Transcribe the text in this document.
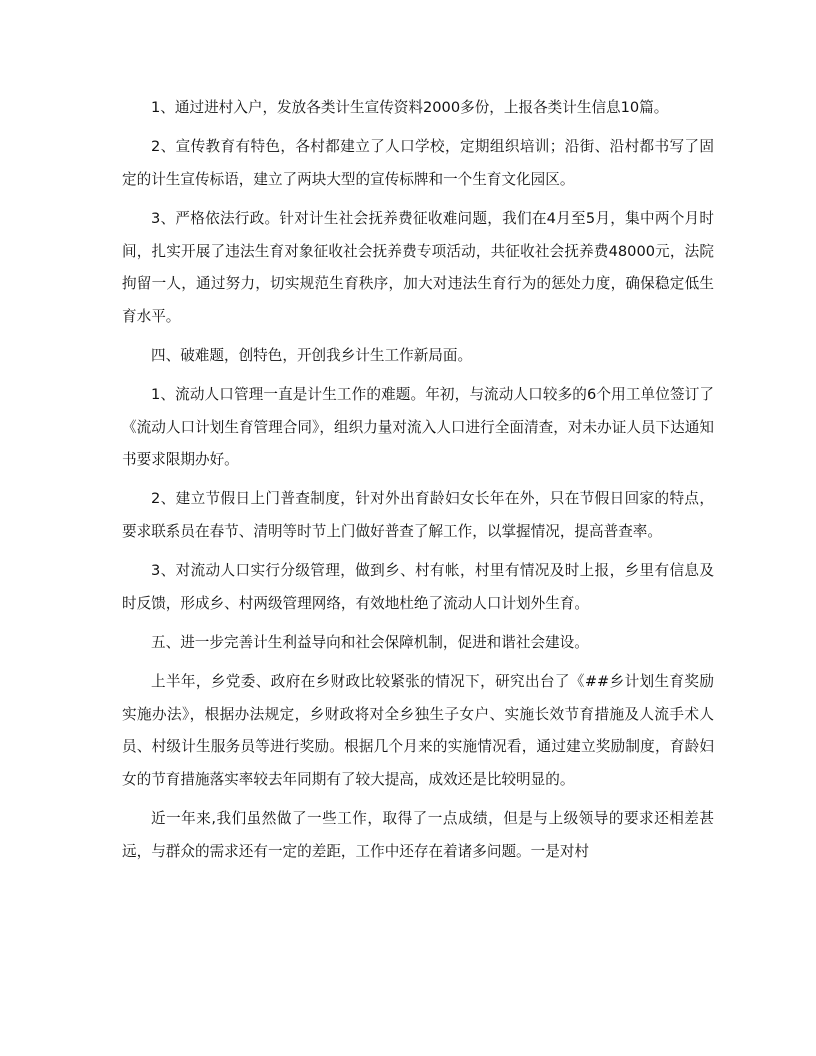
1、通过进村入户，发放各类计生宣传资料2000多份，上报各类计生信息10篇。

2、宣传教育有特色，各村都建立了人口学校，定期组织培训；沿街、沿村都书写了固定的计生宣传标语，建立了两块大型的宣传标牌和一个生育文化园区。

3、严格依法行政。针对计生社会抚养费征收难问题，我们在4月至5月，集中两个月时间，扎实开展了违法生育对象征收社会抚养费专项活动，共征收社会抚养费48000元，法院拘留一人，通过努力，切实规范生育秩序，加大对违法生育行为的惩处力度，确保稳定低生育水平。

四、破难题，创特色，开创我乡计生工作新局面。

1、流动人口管理一直是计生工作的难题。年初，与流动人口较多的6个用工单位签订了《流动人口计划生育管理合同》，组织力量对流入人口进行全面清查，对未办证人员下达通知书要求限期办好。

2、建立节假日上门普查制度，针对外出育龄妇女长年在外，只在节假日回家的特点，要求联系员在春节、清明等时节上门做好普查了解工作，以掌握情况，提高普查率。

3、对流动人口实行分级管理，做到乡、村有帐，村里有情况及时上报，乡里有信息及时反馈，形成乡、村两级管理网络，有效地杜绝了流动人口计划外生育。

五、进一步完善计生利益导向和社会保障机制，促进和谐社会建设。

上半年，乡党委、政府在乡财政比较紧张的情况下，研究出台了《##乡计划生育奖励实施办法》，根据办法规定，乡财政将对全乡独生子女户、实施长效节育措施及人流手术人员、村级计生服务员等进行奖励。根据几个月来的实施情况看，通过建立奖励制度，育龄妇女的节育措施落实率较去年同期有了较大提高，成效还是比较明显的。

近一年来,我们虽然做了一些工作，取得了一点成绩，但是与上级领导的要求还相差甚远，与群众的需求还有一定的差距，工作中还存在着诸多问题。一是对村
